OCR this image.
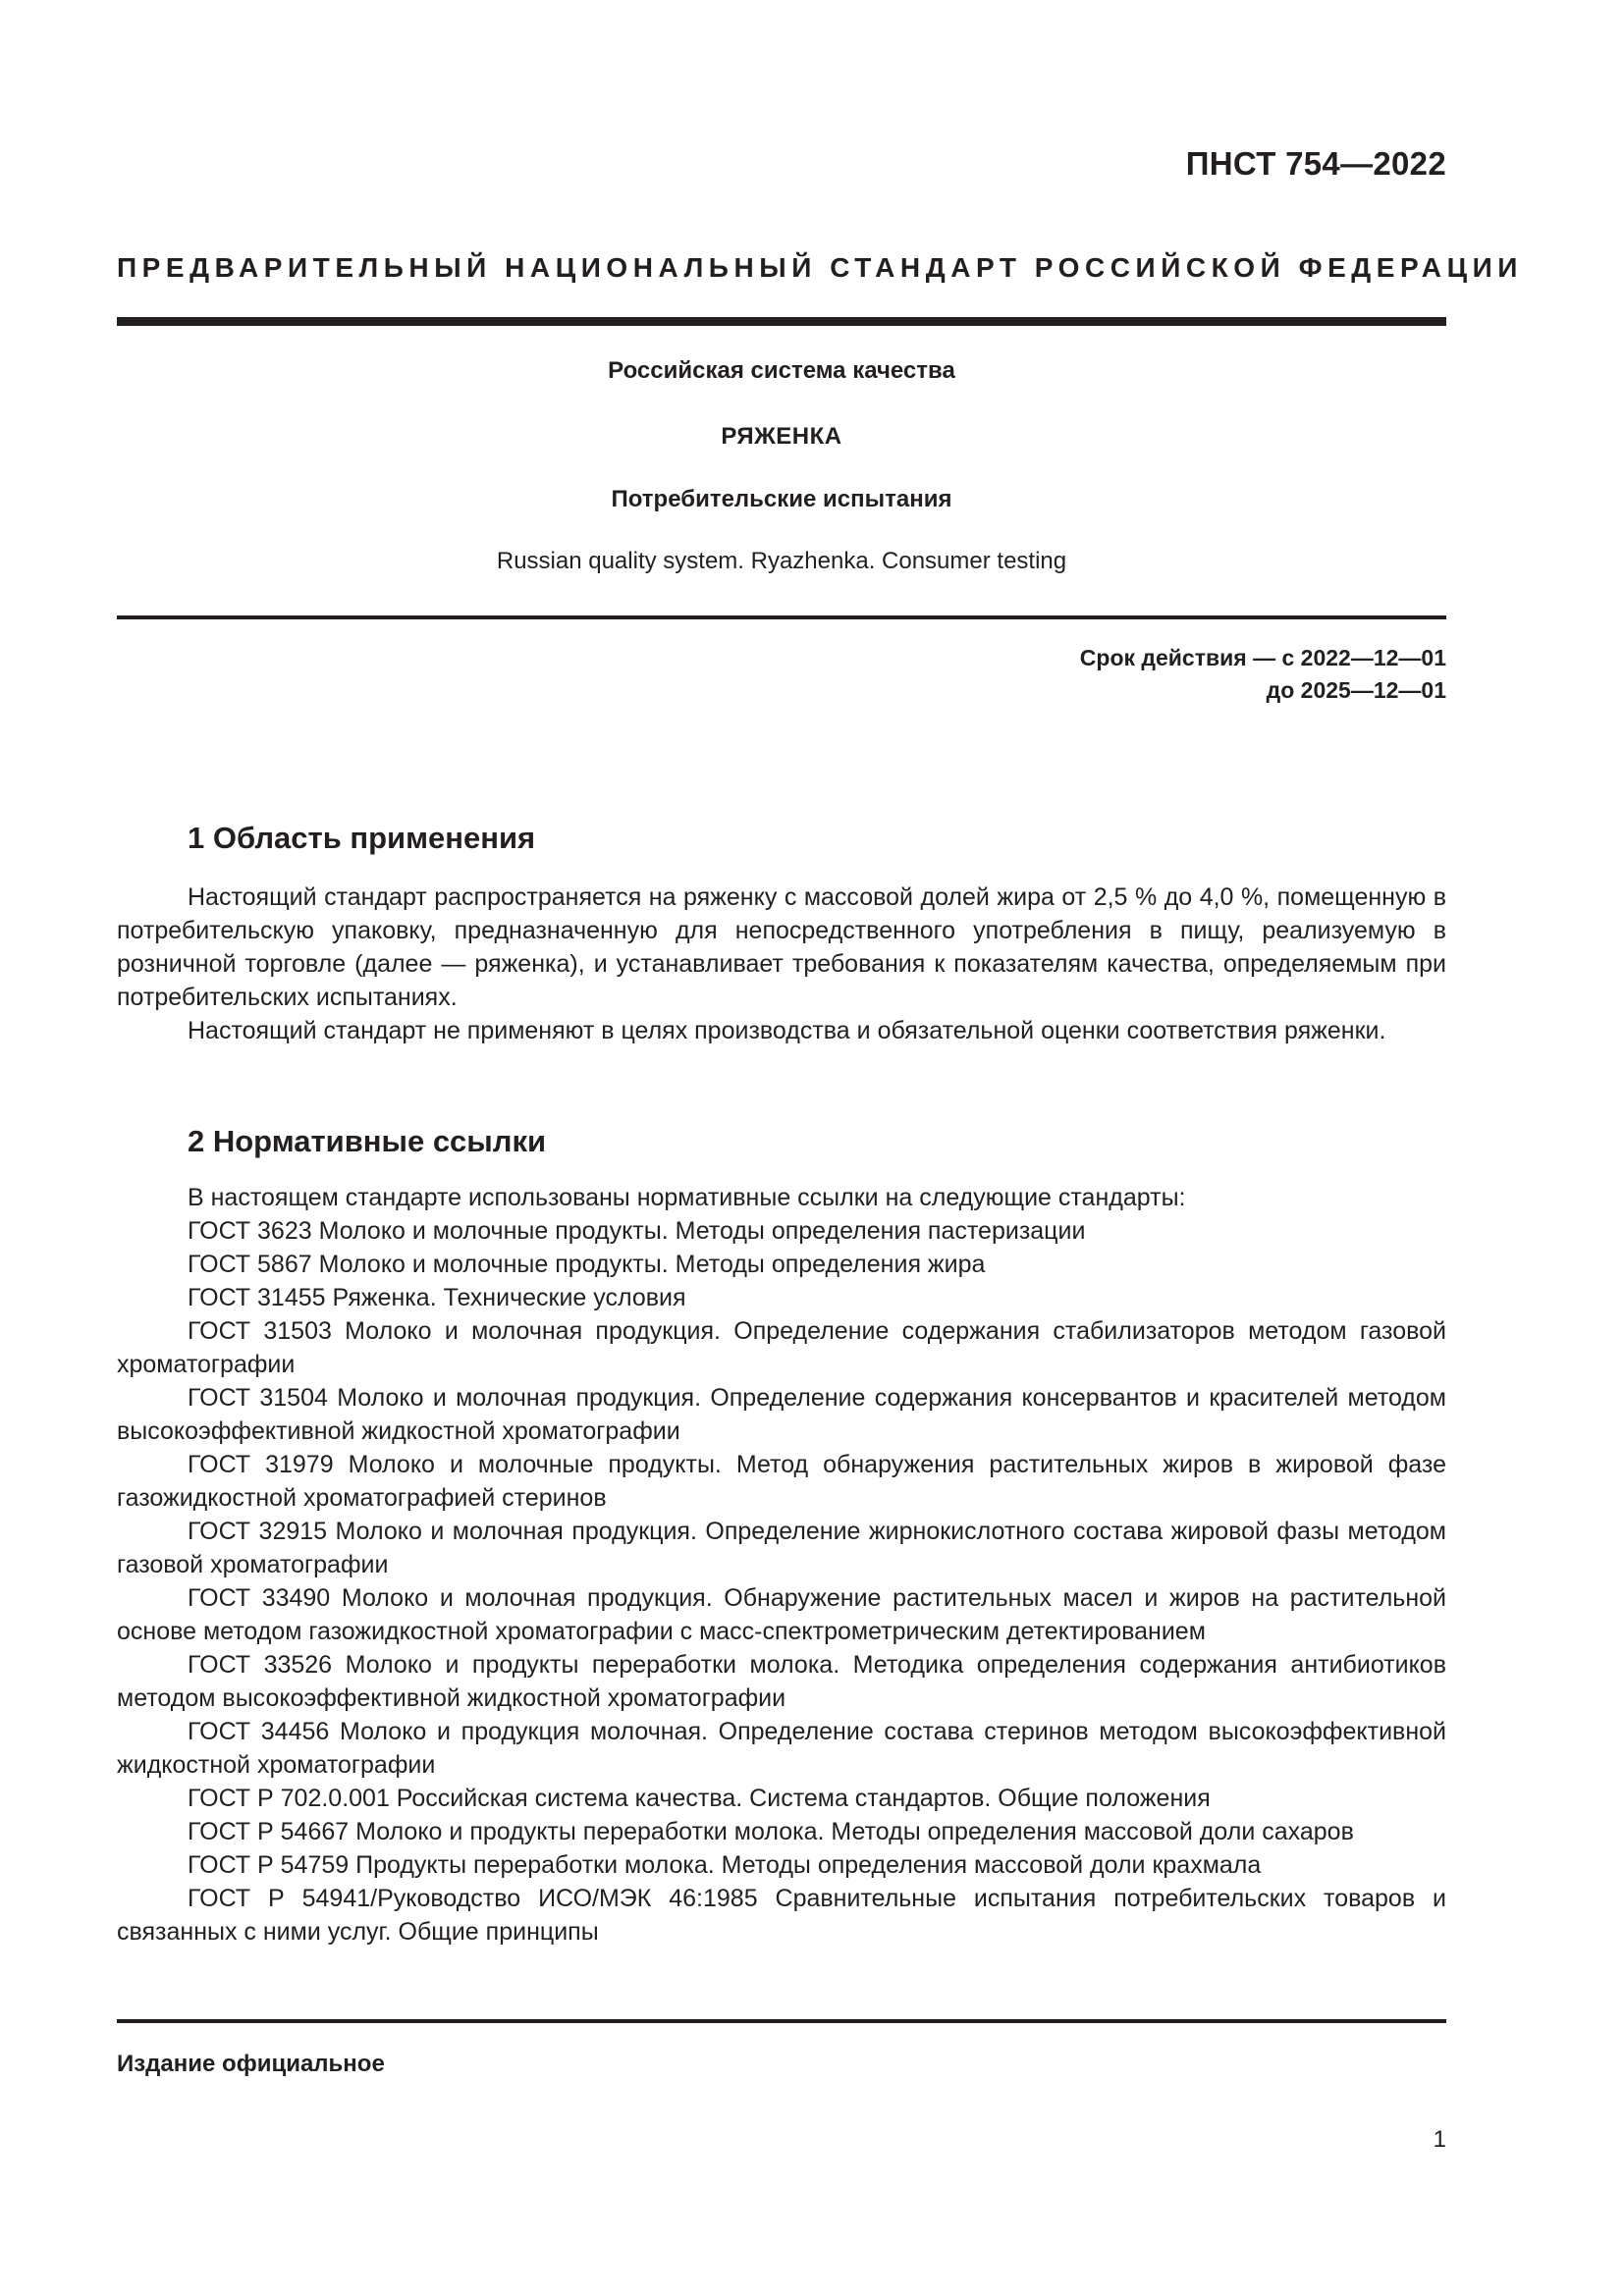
ПНСТ 754—2022
ПРЕДВАРИТЕЛЬНЫЙ НАЦИОНАЛЬНЫЙ СТАНДАРТ РОССИЙСКОЙ ФЕДЕРАЦИИ
Российская система качества
РЯЖЕНКА
Потребительские испытания
Russian quality system. Ryazhenka. Consumer testing
Срок действия — с 2022—12—01
до 2025—12—01
1 Область применения

Настоящий стандарт распространяется на ряженку с массовой долей жира от 2,5 % до 4,0 %, помещенную в потребительскую упаковку, предназначенную для непосредственного употребления в пищу, реализуемую в розничной торговле (далее — ряженка), и устанавливает требования к показателям качества, определяемым при потребительских испытаниях.

Настоящий стандарт не применяют в целях производства и обязательной оценки соответствия ряженки.

2 Нормативные ссылки

В настоящем стандарте использованы нормативные ссылки на следующие стандарты:

ГОСТ 3623 Молоко и молочные продукты. Методы определения пастеризации

ГОСТ 5867 Молоко и молочные продукты. Методы определения жира

ГОСТ 31455 Ряженка. Технические условия

ГОСТ 31503 Молоко и молочная продукция. Определение содержания стабилизаторов методом газовой хроматографии

ГОСТ 31504 Молоко и молочная продукция. Определение содержания консервантов и красителей методом высокоэффективной жидкостной хроматографии

ГОСТ 31979 Молоко и молочные продукты. Метод обнаружения растительных жиров в жировой фазе газожидкостной хроматографией стеринов

ГОСТ 32915 Молоко и молочная продукция. Определение жирнокислотного состава жировой фазы методом газовой хроматографии

ГОСТ 33490 Молоко и молочная продукция. Обнаружение растительных масел и жиров на растительной основе методом газожидкостной хроматографии с масс-спектрометрическим детектированием

ГОСТ 33526 Молоко и продукты переработки молока. Методика определения содержания антибиотиков методом высокоэффективной жидкостной хроматографии

ГОСТ 34456 Молоко и продукция молочная. Определение состава стеринов методом высокоэффективной жидкостной хроматографии

ГОСТ Р 702.0.001 Российская система качества. Система стандартов. Общие положения

ГОСТ Р 54667 Молоко и продукты переработки молока. Методы определения массовой доли сахаров

ГОСТ Р 54759 Продукты переработки молока. Методы определения массовой доли крахмала

ГОСТ Р 54941/Руководство ИСО/МЭК 46:1985 Сравнительные испытания потребительских товаров и связанных с ними услуг. Общие принципы

Издание официальное
1
